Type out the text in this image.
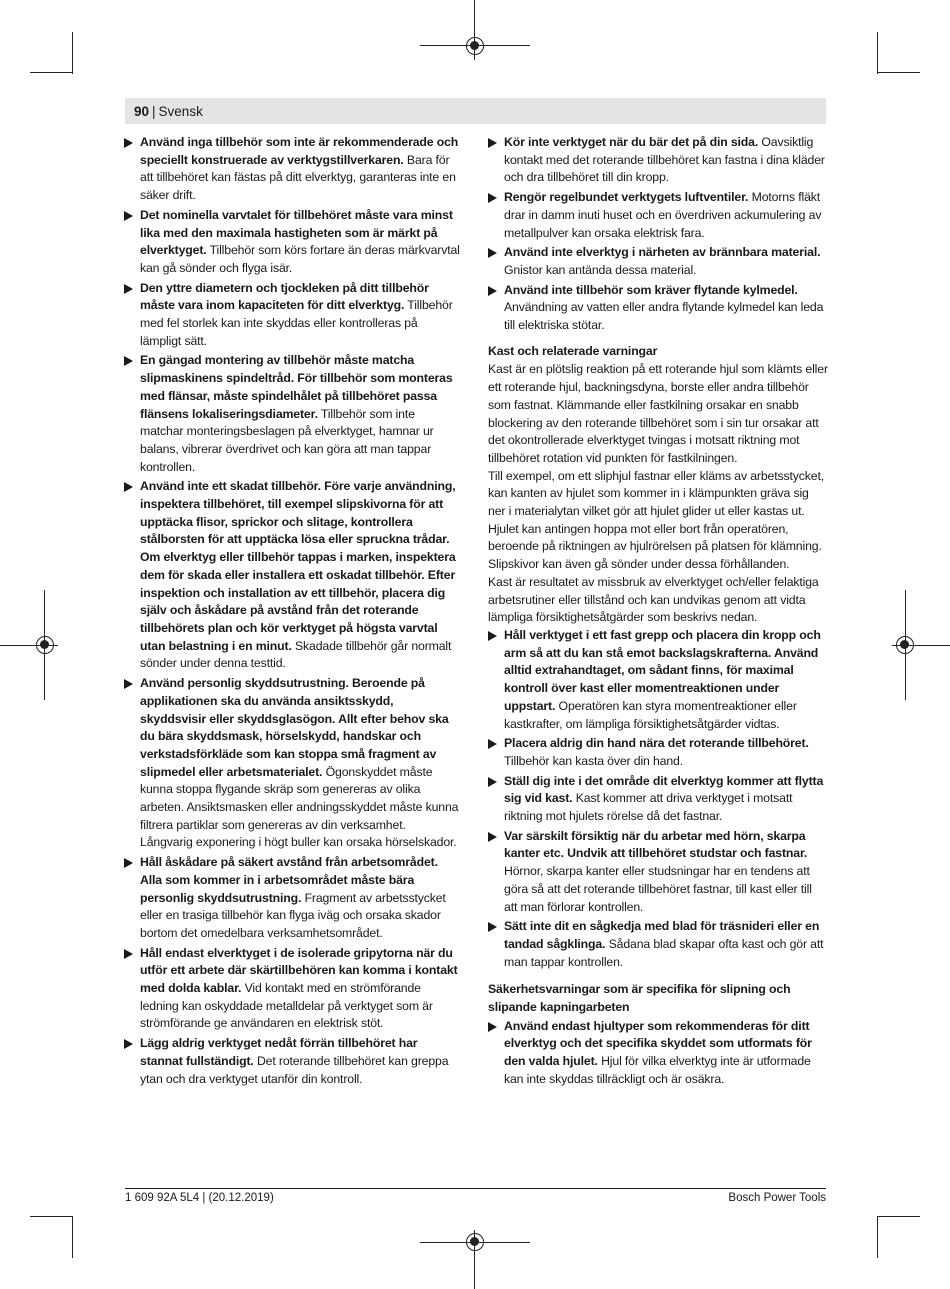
90 | Svensk
Använd inga tillbehör som inte är rekommenderade och speciellt konstruerade av verktygstillverkaren. Bara för att tillbehöret kan fästas på ditt elverktyg, garanteras inte en säker drift.
Det nominella varvtalet för tillbehöret måste vara minst lika med den maximala hastigheten som är märkt på elverktyget. Tillbehör som körs fortare än deras märkvarvtal kan gå sönder och flyga isär.
Den yttre diametern och tjockleken på ditt tillbehör måste vara inom kapaciteten för ditt elverktyg. Tillbehör med fel storlek kan inte skyddas eller kontrolleras på lämpligt sätt.
En gängad montering av tillbehör måste matcha slipmaskinens spindeltråd. För tillbehör som monteras med flänsar, måste spindelhålet på tillbehöret passa flänsens lokaliseringsdiameter. Tillbehör som inte matchar monteringsbeslagen på elverktyget, hamnar ur balans, vibrerar överdrivet och kan göra att man tappar kontrollen.
Använd inte ett skadat tillbehör. Före varje användning, inspektera tillbehöret, till exempel slipskivorna för att upptäcka flisor, sprickor och slitage, kontrollera stålborsten för att upptäcka lösa eller spruckna trådar. Om elverktyg eller tillbehör tappas i marken, inspektera dem för skada eller installera ett oskadat tillbehör. Efter inspektion och installation av ett tillbehör, placera dig själv och åskådare på avstånd från det roterande tillbehörets plan och kör verktyget på högsta varvtal utan belastning i en minut. Skadade tillbehör går normalt sönder under denna testtid.
Använd personlig skyddsutrustning. Beroende på applikationen ska du använda ansiktsskydd, skyddsvisir eller skyddsglasögon. Allt efter behov ska du bära skyddsmask, hörselskydd, handskar och verkstadsförkläde som kan stoppa små fragment av slipmedel eller arbetsmaterialet. Ögonskyddet måste kunna stoppa flygande skräp som genereras av olika arbeten. Ansiktsmasken eller andningsskyddet måste kunna filtrera partiklar som genereras av din verksamhet. Långvarig exponering i högt buller kan orsaka hörselskador.
Håll åskådare på säkert avstånd från arbetsområdet. Alla som kommer in i arbetsområdet måste bära personlig skyddsutrustning. Fragment av arbetsstycket eller en trasiga tillbehör kan flyga iväg och orsaka skador bortom det omedelbara verksamhetsområdet.
Håll endast elverktyget i de isolerade gripytorna när du utför ett arbete där skärtillbehören kan komma i kontakt med dolda kablar. Vid kontakt med en strömförande ledning kan oskyddade metalldelar på verktyget som är strömförande ge användaren en elektrisk stöt.
Lägg aldrig verktyget nedåt förrän tillbehöret har stannat fullständigt. Det roterande tillbehöret kan greppa ytan och dra verktyget utanför din kontroll.
Kör inte verktyget när du bär det på din sida. Oavsiktlig kontakt med det roterande tillbehöret kan fastna i dina kläder och dra tillbehöret till din kropp.
Rengör regelbundet verktygets luftventiler. Motorns fläkt drar in damm inuti huset och en överdriven ackumulering av metallpulver kan orsaka elektrisk fara.
Använd inte elverktyg i närheten av brännbara material. Gnistor kan antända dessa material.
Använd inte tillbehör som kräver flytande kylmedel. Användning av vatten eller andra flytande kylmedel kan leda till elektriska stötar.
Kast och relaterade varningar

Kast är en plötslig reaktion på ett roterande hjul som klämts eller ett roterande hjul, backningsdyna, borste eller andra tillbehör som fastnat. Klämmande eller fastkilning orsakar en snabb blockering av den roterande tillbehöret som i sin tur orsakar att det okontrollerade elverktyget tvingas i motsatt riktning mot tillbehöret rotation vid punkten för fastkilningen.

Till exempel, om ett sliphjul fastnar eller kläms av arbetsstycket, kan kanten av hjulet som kommer in i klämpunkten gräva sig ner i materialytan vilket gör att hjulet glider ut eller kastas ut. Hjulet kan antingen hoppa mot eller bort från operatören, beroende på riktningen av hjulrörelsen på platsen för klämning. Slipskivor kan även gå sönder under dessa förhållanden.

Kast är resultatet av missbruk av elverktyget och/eller felaktiga arbetsrutiner eller tillstånd och kan undvikas genom att vidta lämpliga försiktighetsåtgärder som beskrivs nedan.

Håll verktyget i ett fast grepp och placera din kropp och arm så att du kan stå emot backslagskrafterna. Använd alltid extrahandtaget, om sådant finns, för maximal kontroll över kast eller momentreaktionen under uppstart. Operatören kan styra momentreaktioner eller kastkrafter, om lämpliga försiktighetsåtgärder vidtas.
Placera aldrig din hand nära det roterande tillbehöret. Tillbehör kan kasta över din hand.
Ställ dig inte i det område dit elverktyg kommer att flytta sig vid kast. Kast kommer att driva verktyget i motsatt riktning mot hjulets rörelse då det fastnar.
Var särskilt försiktig när du arbetar med hörn, skarpa kanter etc. Undvik att tillbehöret studstar och fastnar. Hörnor, skarpa kanter eller studsningar har en tendens att göra så att det roterande tillbehöret fastnar, till kast eller till att man förlorar kontrollen.
Sätt inte dit en sågkedja med blad för träsnideri eller en tandad sågklinga. Sådana blad skapar ofta kast och gör att man tappar kontrollen.
Säkerhetsvarningar som är specifika för slipning och slipande kapningarbeten
Använd endast hjultyper som rekommenderas för ditt elverktyg och det specifika skyddet som utformats för den valda hjulet. Hjul för vilka elverktyg inte är utformade kan inte skyddas tillräckligt och är osäkra.
1 609 92A 5L4 | (20.12.2019)	Bosch Power Tools
